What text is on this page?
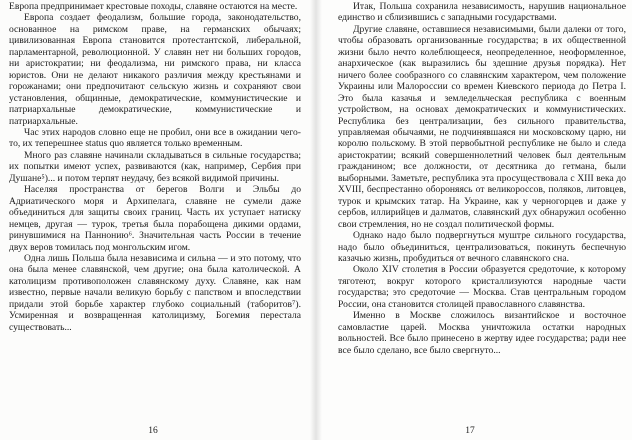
Европа предпринимает крестовые походы, славяне остаются на месте.

Европа создает феодализм, большие города, законодательство, основанное на римском праве, на германских обычаях; цивилизованная Европа становится протестантской, либеральной, парламентарной, революционной. У славян нет ни больших городов, ни аристократии; ни феодализма, ни римского права, ни класса юристов. Они не делают никакого различия между крестьянами и горожанами; они предпочитают сельскую жизнь и сохраняют свои установления, общинные, демократические, коммунистические и патриархальные демократические, коммунистические и патриархальные.

Час этих народов словно еще не пробил, они все в ожидании чего-то, их теперешнее status quo является только временным.

Много раз славяне начинали складываться в сильные государства; их попытки имеют успех, развиваются (как, например, Сербия при Душане⁵)... и потом терпят неудачу, без всякой видимой причины.

Населяя пространства от берегов Волги и Эльбы до Адриатического моря и Архипелага, славяне не сумели даже объединиться для защиты своих границ. Часть их уступает натиску немцев, другая — турок, третья была порабощена дикими ордами, ринувшимися на Паннонию⁶. Значительная часть России в течение двух веров томилась под монгольским игом.

Одна лишь Польша была независима и сильна — и это потому, что она была менее славянской, чем другие; она была католической. А католицизм противоположен славянскому духу. Славяне, как нам известно, первые начали великую борьбу с папством и впоследствии придали этой борьбе характер глубоко социальный (таборитов⁷). Усмиренная и возвращенная католицизму, Богемия перестала существовать...

16

Итак, Польша сохранила независимость, нарушив национальное единство и сблизившись с западными государствами.

Другие славяне, оставшиеся независимыми, были далеки от того, чтобы образовать организованные государства; в их общественной жизни было нечто колеблющееся, неопределенное, неоформленное, анархическое (как выразились бы здешние друзья порядка). Нет ничего более сообразного со славянским характером, чем положение Украины или Малороссии со времен Киевского периода до Петра I. Это была казачья и земледельческая республика с военным устройством, на основах демократических и коммунистических. Республика без централизации, без сильного правительства, управляемая обычаями, не подчинявшаяся ни московскому царю, ни королю польскому. В этой первобытной республике не было и следа аристократии; всякий совершеннолетний человек был деятельным гражданином; все должности, от десятника до гетмана, были выборными. Заметьте, республика эта просуществовала с XIII века до XVIII, беспрестанно обороняясь от великороссов, поляков, литовцев, турок и крымских татар. На Украине, как у черногорцев и даже у сербов, иллирийцев и далматов, славянский дух обнаружил особенно свои стремления, но не создал политической формы.

Однако надо было подвергнуться муштре сильного государства, надо было объединиться, централизоваться, покинуть беспечную казачью жизнь, пробудиться от вечного славянского сна.

Около XIV столетия в России образуется средоточие, к которому тяготеют, вокруг которого кристаллизуются народные части государства; это средоточие — Москва. Став центральным городом России, она становится столицей православного славянства.

Именно в Москве сложилось византийское и восточное самовластие царей. Москва уничтожила остатки народных вольностей. Все было принесено в жертву идее государства; ради нее все было сделано, все было свергнуто...

17
